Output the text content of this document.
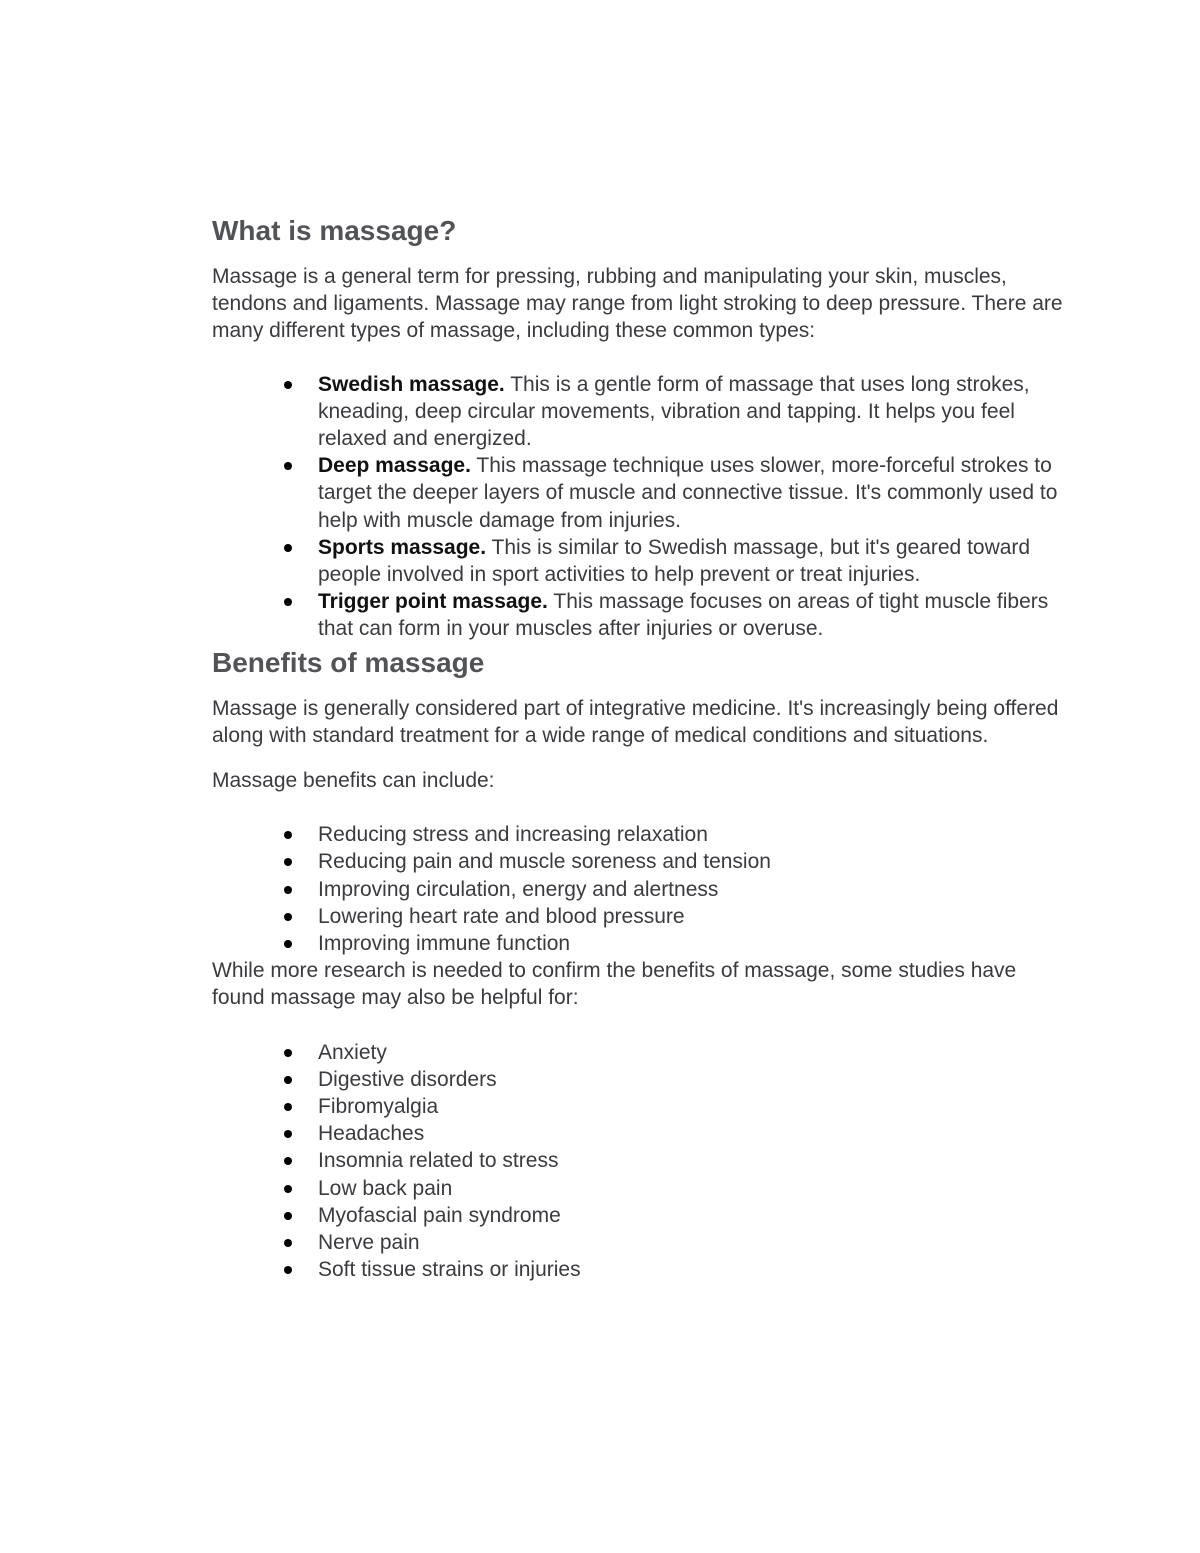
What is massage?

Massage is a general term for pressing, rubbing and manipulating your skin, muscles, tendons and ligaments. Massage may range from light stroking to deep pressure. There are many different types of massage, including these common types:

Swedish massage. This is a gentle form of massage that uses long strokes, kneading, deep circular movements, vibration and tapping. It helps you feel relaxed and energized.
Deep massage. This massage technique uses slower, more-forceful strokes to target the deeper layers of muscle and connective tissue. It's commonly used to help with muscle damage from injuries.
Sports massage. This is similar to Swedish massage, but it's geared toward people involved in sport activities to help prevent or treat injuries.
Trigger point massage. This massage focuses on areas of tight muscle fibers that can form in your muscles after injuries or overuse.
Benefits of massage

Massage is generally considered part of integrative medicine. It's increasingly being offered along with standard treatment for a wide range of medical conditions and situations.

Massage benefits can include:

Reducing stress and increasing relaxation
Reducing pain and muscle soreness and tension
Improving circulation, energy and alertness
Lowering heart rate and blood pressure
Improving immune function

While more research is needed to confirm the benefits of massage, some studies have found massage may also be helpful for:

Anxiety
Digestive disorders
Fibromyalgia
Headaches
Insomnia related to stress
Low back pain
Myofascial pain syndrome
Nerve pain
Soft tissue strains or injuries
